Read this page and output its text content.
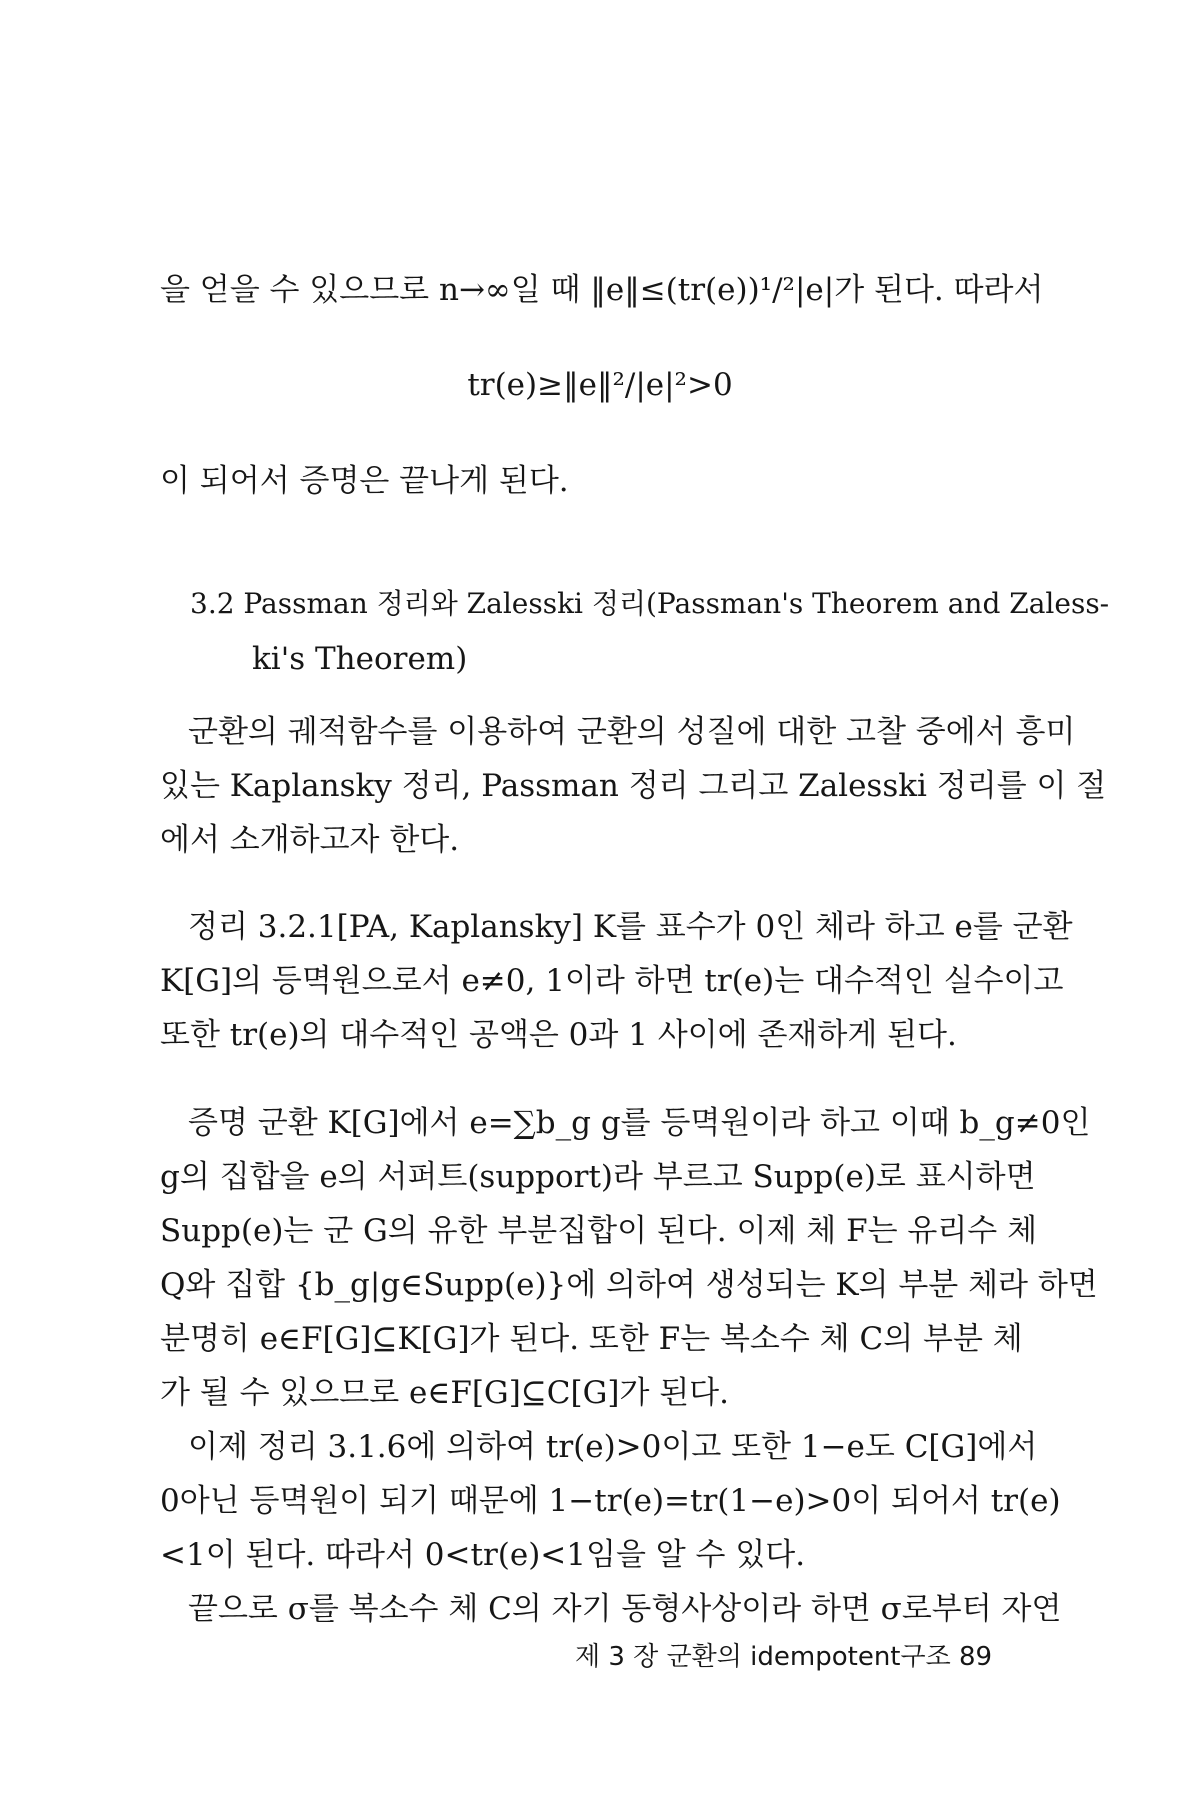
을 얻을 수 있으므로 n→∞일 때 ‖e‖≤(tr(e))¹/²|e|가 된다. 따라서
tr(e)≥‖e‖²/|e|²>0
이 되어서 증명은 끝나게 된다.
3.2 Passman 정리와 Zalesski 정리(Passman's Theorem and Zaless-
ki's Theorem)
군환의 궤적함수를 이용하여 군환의 성질에 대한 고찰 중에서 흥미
있는 Kaplansky 정리, Passman 정리 그리고 Zalesski 정리를 이 절
에서 소개하고자 한다.
정리 3.2.1[PA, Kaplansky] K를 표수가 0인 체라 하고 e를 군환
K[G]의 등멱원으로서 e≠0, 1이라 하면 tr(e)는 대수적인 실수이고
또한 tr(e)의 대수적인 공액은 0과 1 사이에 존재하게 된다.
증명 군환 K[G]에서 e=∑b_g g를 등멱원이라 하고 이때 b_g≠0인
g의 집합을 e의 서퍼트(support)라 부르고 Supp(e)로 표시하면
Supp(e)는 군 G의 유한 부분집합이 된다. 이제 체 F는 유리수 체
Q와 집합 {b_g|g∈Supp(e)}에 의하여 생성되는 K의 부분 체라 하면
분명히 e∈F[G]⊆K[G]가 된다. 또한 F는 복소수 체 C의 부분 체
가 될 수 있으므로 e∈F[G]⊆C[G]가 된다.
이제 정리 3.1.6에 의하여 tr(e)>0이고 또한 1−e도 C[G]에서
0아닌 등멱원이 되기 때문에 1−tr(e)=tr(1−e)>0이 되어서 tr(e)
<1이 된다. 따라서 0<tr(e)<1임을 알 수 있다.
끝으로 σ를 복소수 체 C의 자기 동형사상이라 하면 σ로부터 자연
제 3 장 군환의 idempotent구조 89
